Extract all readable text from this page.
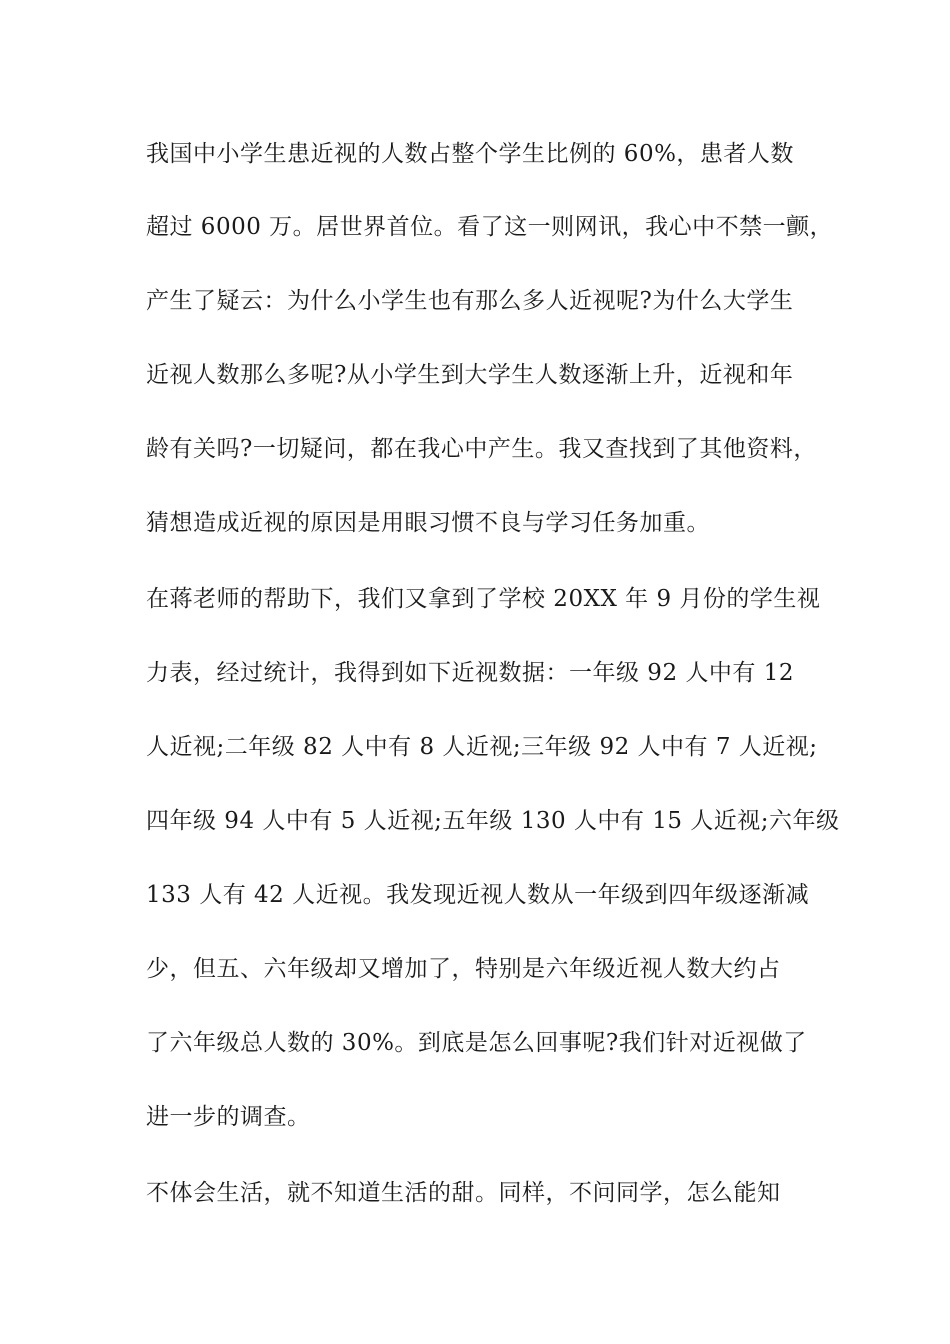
我国中小学生患近视的人数占整个学生比例的 60%，患者人数
超过 6000 万。居世界首位。看了这一则网讯，我心中不禁一颤，
产生了疑云：为什么小学生也有那么多人近视呢?为什么大学生
近视人数那么多呢?从小学生到大学生人数逐渐上升，近视和年
龄有关吗?一切疑问，都在我心中产生。我又查找到了其他资料，
猜想造成近视的原因是用眼习惯不良与学习任务加重。
在蒋老师的帮助下，我们又拿到了学校 20XX 年 9 月份的学生视
力表，经过统计，我得到如下近视数据：一年级 92 人中有 12
人近视;二年级 82 人中有 8 人近视;三年级 92 人中有 7 人近视;
四年级 94 人中有 5 人近视;五年级 130 人中有 15 人近视;六年级
133 人有 42 人近视。我发现近视人数从一年级到四年级逐渐减
少，但五、六年级却又增加了，特别是六年级近视人数大约占
了六年级总人数的 30%。到底是怎么回事呢?我们针对近视做了
进一步的调查。
不体会生活，就不知道生活的甜。同样，不问同学，怎么能知
